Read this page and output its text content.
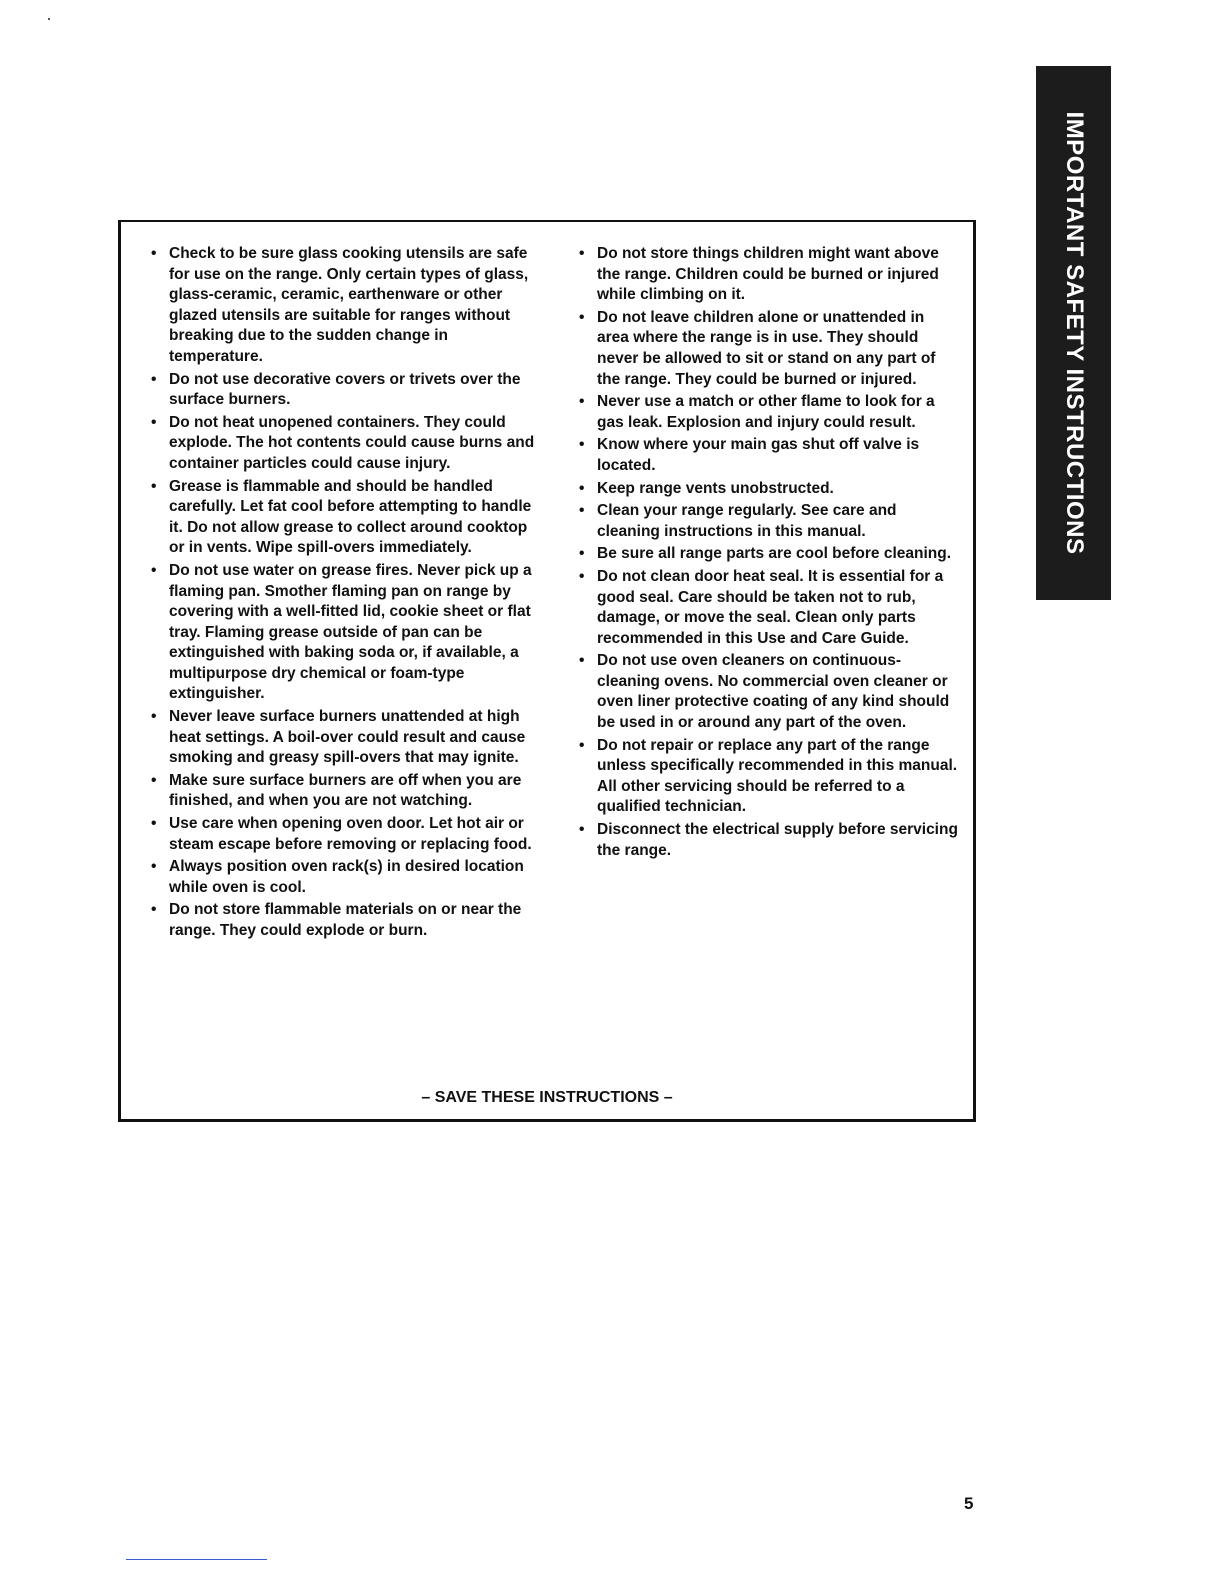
IMPORTANT SAFETY INSTRUCTIONS
• Check to be sure glass cooking utensils are safe for use on the range. Only certain types of glass, glass-ceramic, ceramic, earthenware or other glazed utensils are suitable for ranges without breaking due to the sudden change in temperature.
• Do not use decorative covers or trivets over the surface burners.
• Do not heat unopened containers. They could explode. The hot contents could cause burns and container particles could cause injury.
• Grease is flammable and should be handled carefully. Let fat cool before attempting to handle it. Do not allow grease to collect around cooktop or in vents. Wipe spill-overs immediately.
• Do not use water on grease fires. Never pick up a flaming pan. Smother flaming pan on range by covering with a well-fitted lid, cookie sheet or flat tray. Flaming grease outside of pan can be extinguished with baking soda or, if available, a multipurpose dry chemical or foam-type extinguisher.
• Never leave surface burners unattended at high heat settings. A boil-over could result and cause smoking and greasy spill-overs that may ignite.
• Make sure surface burners are off when you are finished, and when you are not watching.
• Use care when opening oven door. Let hot air or steam escape before removing or replacing food.
• Always position oven rack(s) in desired location while oven is cool.
• Do not store flammable materials on or near the range. They could explode or burn.
• Do not store things children might want above the range. Children could be burned or injured while climbing on it.
• Do not leave children alone or unattended in area where the range is in use. They should never be allowed to sit or stand on any part of the range. They could be burned or injured.
• Never use a match or other flame to look for a gas leak. Explosion and injury could result.
• Know where your main gas shut off valve is located.
• Keep range vents unobstructed.
• Clean your range regularly. See care and cleaning instructions in this manual.
• Be sure all range parts are cool before cleaning.
• Do not clean door heat seal. It is essential for a good seal. Care should be taken not to rub, damage, or move the seal. Clean only parts recommended in this Use and Care Guide.
• Do not use oven cleaners on continuous-cleaning ovens. No commercial oven cleaner or oven liner protective coating of any kind should be used in or around any part of the oven.
• Do not repair or replace any part of the range unless specifically recommended in this manual. All other servicing should be referred to a qualified technician.
• Disconnect the electrical supply before servicing the range.
– SAVE THESE INSTRUCTIONS –
5
